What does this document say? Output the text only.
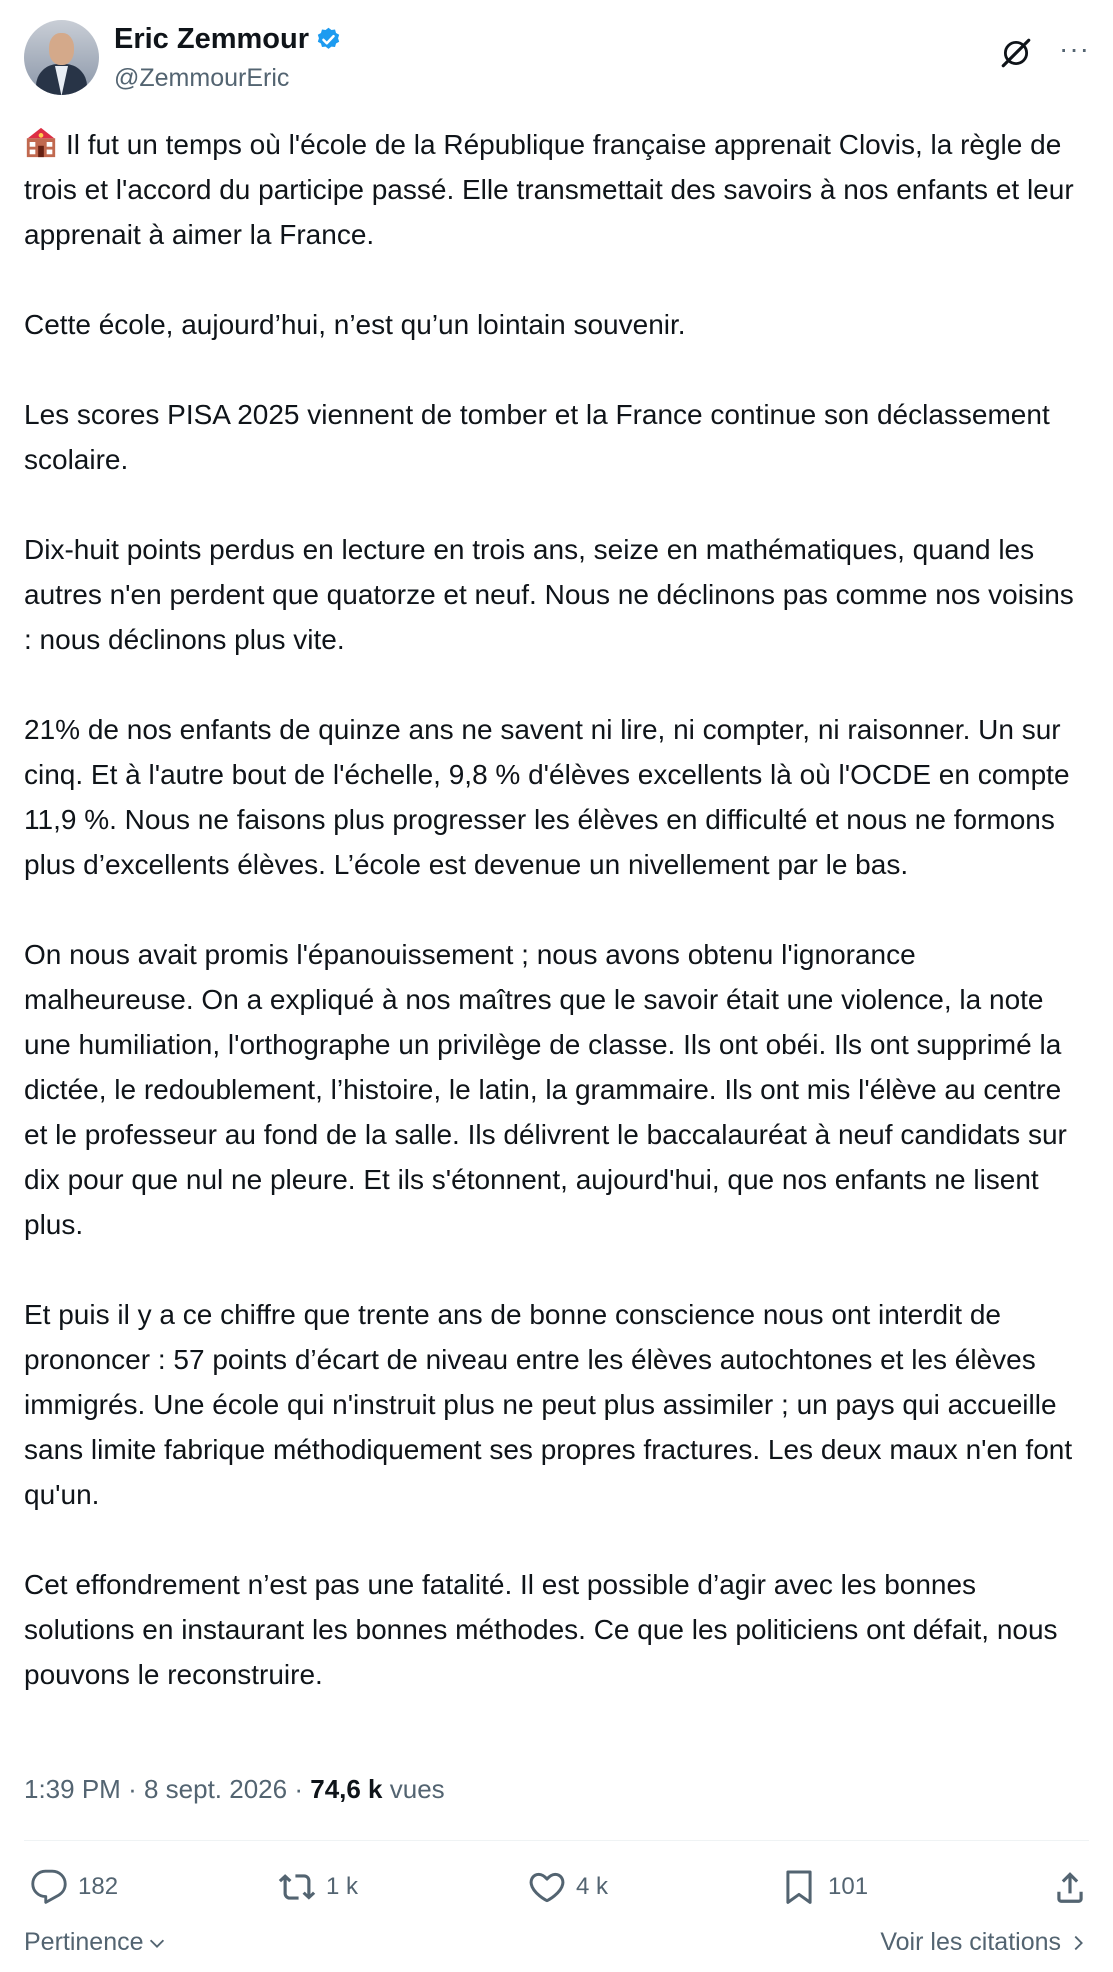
Eric Zemmour
@ZemmourEric
···

Il fut un temps où l'école de la République française apprenait Clovis, la règle de trois et l'accord du participe passé. Elle transmettait des savoirs à nos enfants et leur apprenait à aimer la France.

Cette école, aujourd’hui, n’est qu’un lointain souvenir.

Les scores PISA 2025 viennent de tomber et la France continue son déclassement scolaire.

Dix-huit points perdus en lecture en trois ans, seize en mathématiques, quand les autres n'en perdent que quatorze et neuf. Nous ne déclinons pas comme nos voisins : nous déclinons plus vite.

21% de nos enfants de quinze ans ne savent ni lire, ni compter, ni raisonner. Un sur cinq. Et à l'autre bout de l'échelle, 9,8 % d'élèves excellents là où l'OCDE en compte 11,9 %. Nous ne faisons plus progresser les élèves en difficulté et nous ne formons plus d’excellents élèves. L’école est devenue un nivellement par le bas.

On nous avait promis l'épanouissement ; nous avons obtenu l'ignorance malheureuse. On a expliqué à nos maîtres que le savoir était une violence, la note une humiliation, l'orthographe un privilège de classe. Ils ont obéi. Ils ont supprimé la dictée, le redoublement, l’histoire, le latin, la grammaire. Ils ont mis l'élève au centre et le professeur au fond de la salle. Ils délivrent le baccalauréat à neuf candidats sur dix pour que nul ne pleure. Et ils s'étonnent, aujourd'hui, que nos enfants ne lisent plus.

Et puis il y a ce chiffre que trente ans de bonne conscience nous ont interdit de prononcer : 57 points d’écart de niveau entre les élèves autochtones et les élèves immigrés. Une école qui n'instruit plus ne peut plus assimiler ; un pays qui accueille sans limite fabrique méthodiquement ses propres fractures. Les deux maux n'en font qu'un.

Cet effondrement n’est pas une fatalité. Il est possible d’agir avec les bonnes solutions en instaurant les bonnes méthodes. Ce que les politiciens ont défait, nous pouvons le reconstruire.

1:39 PM · 8 sept. 2026 · 74,6 k vues
182	1 k	4 k	101
Pertinence	Voir les citations
